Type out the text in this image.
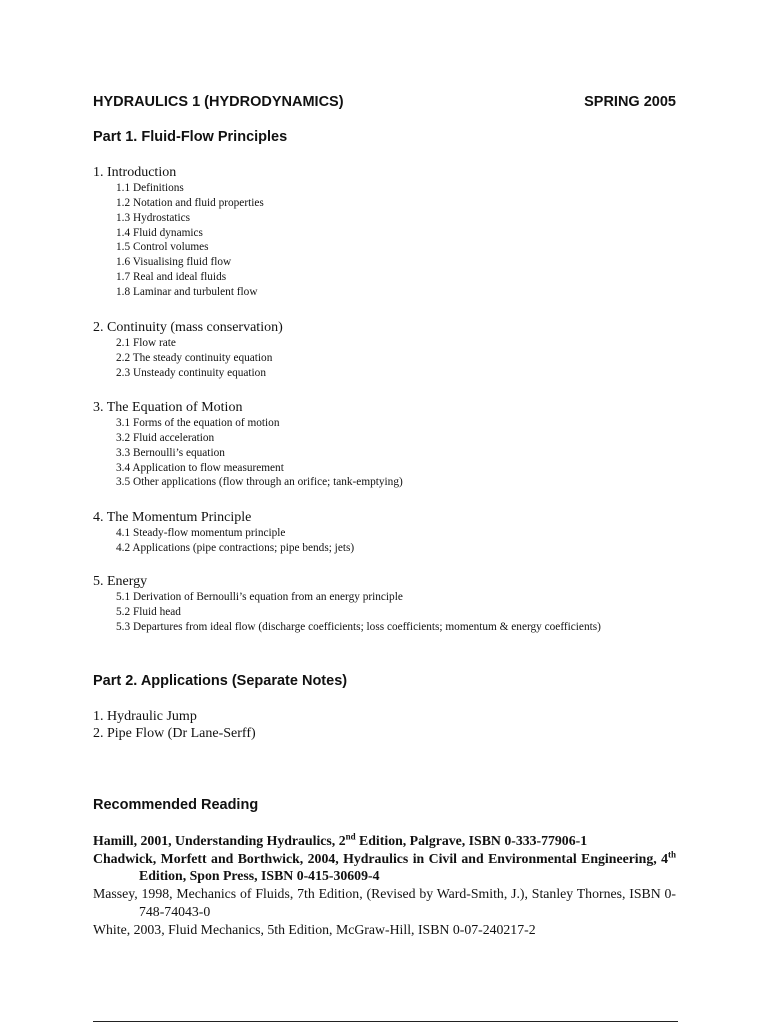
HYDRAULICS 1 (HYDRODYNAMICS)	SPRING 2005
Part 1. Fluid-Flow Principles

1. Introduction

1.1 Definitions
1.2 Notation and fluid properties
1.3 Hydrostatics
1.4 Fluid dynamics
1.5 Control volumes
1.6 Visualising fluid flow
1.7 Real and ideal fluids
1.8 Laminar and turbulent flow

2. Continuity (mass conservation)

2.1 Flow rate
2.2 The steady continuity equation
2.3 Unsteady continuity equation

3. The Equation of Motion

3.1 Forms of the equation of motion
3.2 Fluid acceleration
3.3 Bernoulli’s equation
3.4 Application to flow measurement
3.5 Other applications (flow through an orifice; tank-emptying)

4. The Momentum Principle

4.1 Steady-flow momentum principle
4.2 Applications (pipe contractions; pipe bends; jets)

5. Energy

5.1 Derivation of Bernoulli’s equation from an energy principle
5.2 Fluid head
5.3 Departures from ideal flow (discharge coefficients; loss coefficients; momentum & energy coefficients)
Part 2. Applications (Separate Notes)
1. Hydraulic Jump
2. Pipe Flow (Dr Lane-Serff)
Recommended Reading
Hamill, 2001, Understanding Hydraulics, 2nd Edition, Palgrave, ISBN 0-333-77906-1
Chadwick, Morfett and Borthwick, 2004, Hydraulics in Civil and Environmental Engineering, 4th Edition, Spon Press, ISBN 0-415-30609-4
Massey, 1998, Mechanics of Fluids, 7th Edition, (Revised by Ward-Smith, J.), Stanley Thornes, ISBN 0-748-74043-0
White, 2003, Fluid Mechanics, 5th Edition, McGraw-Hill, ISBN 0-07-240217-2
